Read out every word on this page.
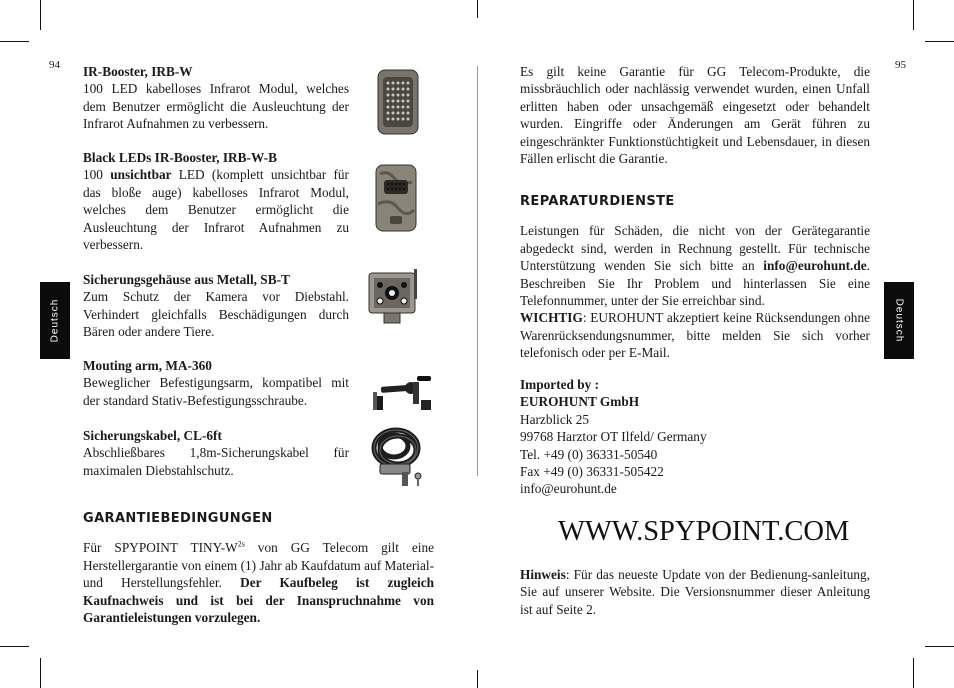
94	95
Deutsch	Deutsch

IR-Booster, IRB-W

100 LED kabelloses Infrarot Modul, welches dem Benutzer ermöglicht die Ausleuchtung der Infrarot Aufnahmen zu verbessern.

Black LEDs IR-Booster, IRB-W-B

100 unsichtbar LED (komplett unsichtbar für das bloße auge) kabelloses Infrarot Modul, welches dem Benutzer ermöglicht die Ausleuchtung der Infrarot Aufnahmen zu verbessern.

Sicherungsgehäuse aus Metall, SB-T

Zum Schutz der Kamera vor Diebstahl. Verhindert gleichfalls Beschädigungen durch Bären oder andere Tiere.

Mouting arm, MA-360

Beweglicher Befestigungsarm, kompatibel mit der standard Stativ-Befestigungsschraube.

Sicherungskabel, CL-6ft

Abschließbares 1,8m-Sicherungskabel für maximalen Diebstahlschutz.

GARANTIEBEDINGUNGEN

Für SPYPOINT TINY-$W^{2s}$ von GG Telecom gilt eine Herstellergarantie von einem (1) Jahr ab Kaufdatum auf Material- und Herstellungsfehler. Der Kaufbeleg ist zugleich Kaufnachweis und ist bei der Inanspruchnahme von Garantieleistungen vorzulegen.

Es gilt keine Garantie für GG Telecom-Produkte, die missbräuchlich oder nachlässig verwendet wurden, einen Unfall erlitten haben oder unsachgemäß eingesetzt oder behandelt wurden. Eingriffe oder Änderungen am Gerät führen zu eingeschränkter Funktionstüchtigkeit und Lebensdauer, in diesen Fällen erlischt die Garantie.

REPARATURDIENSTE

Leistungen für Schäden, die nicht von der Gerätegarantie abgedeckt sind, werden in Rechnung gestellt. Für technische Unterstützung wenden Sie sich bitte an info@eurohunt.de. Beschreiben Sie Ihr Problem und hinterlassen Sie eine Telefonnummer, unter der Sie erreichbar sind.

WICHTIG: EUROHUNT akzeptiert keine Rücksendungen ohne Warenrücksendungsnummer, bitte melden Sie sich vorher telefonisch oder per E-Mail.

Imported by :

EUROHUNT GmbH

Harzblick 25

99768 Harztor OT Ilfeld/ Germany

Tel. +49 (0) 36331-50540

Fax +49 (0) 36331-505422

info@eurohunt.de

WWW.SPYPOINT.COM

Hinweis: Für das neueste Update von der Bedienung-sanleitung, Sie auf unserer Website. Die Versionsnummer dieser Anleitung ist auf Seite 2.
